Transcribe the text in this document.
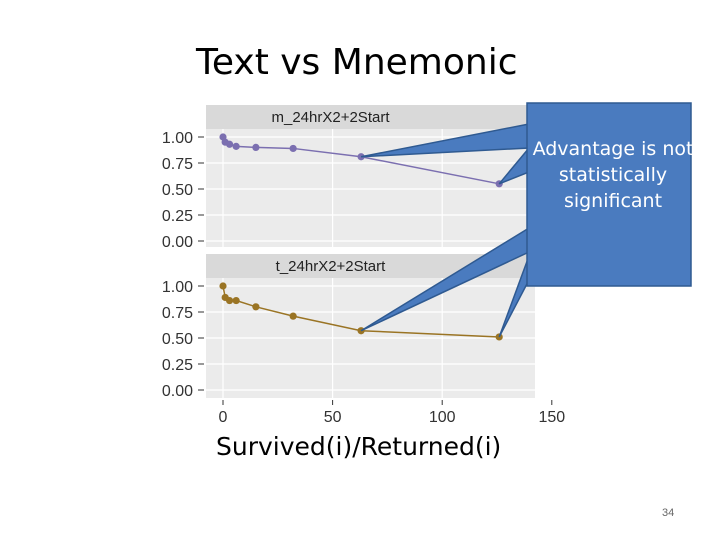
Text vs Mnemonic
m_24hrX2+2Start
0.00
0.25
0.50
0.75
1.00
t_24hrX2+2Start
0.00
0.25
0.50
0.75
1.00
0	50	100	150
Advantage is not statistically significant
Survived(i)/Returned(i)
34
